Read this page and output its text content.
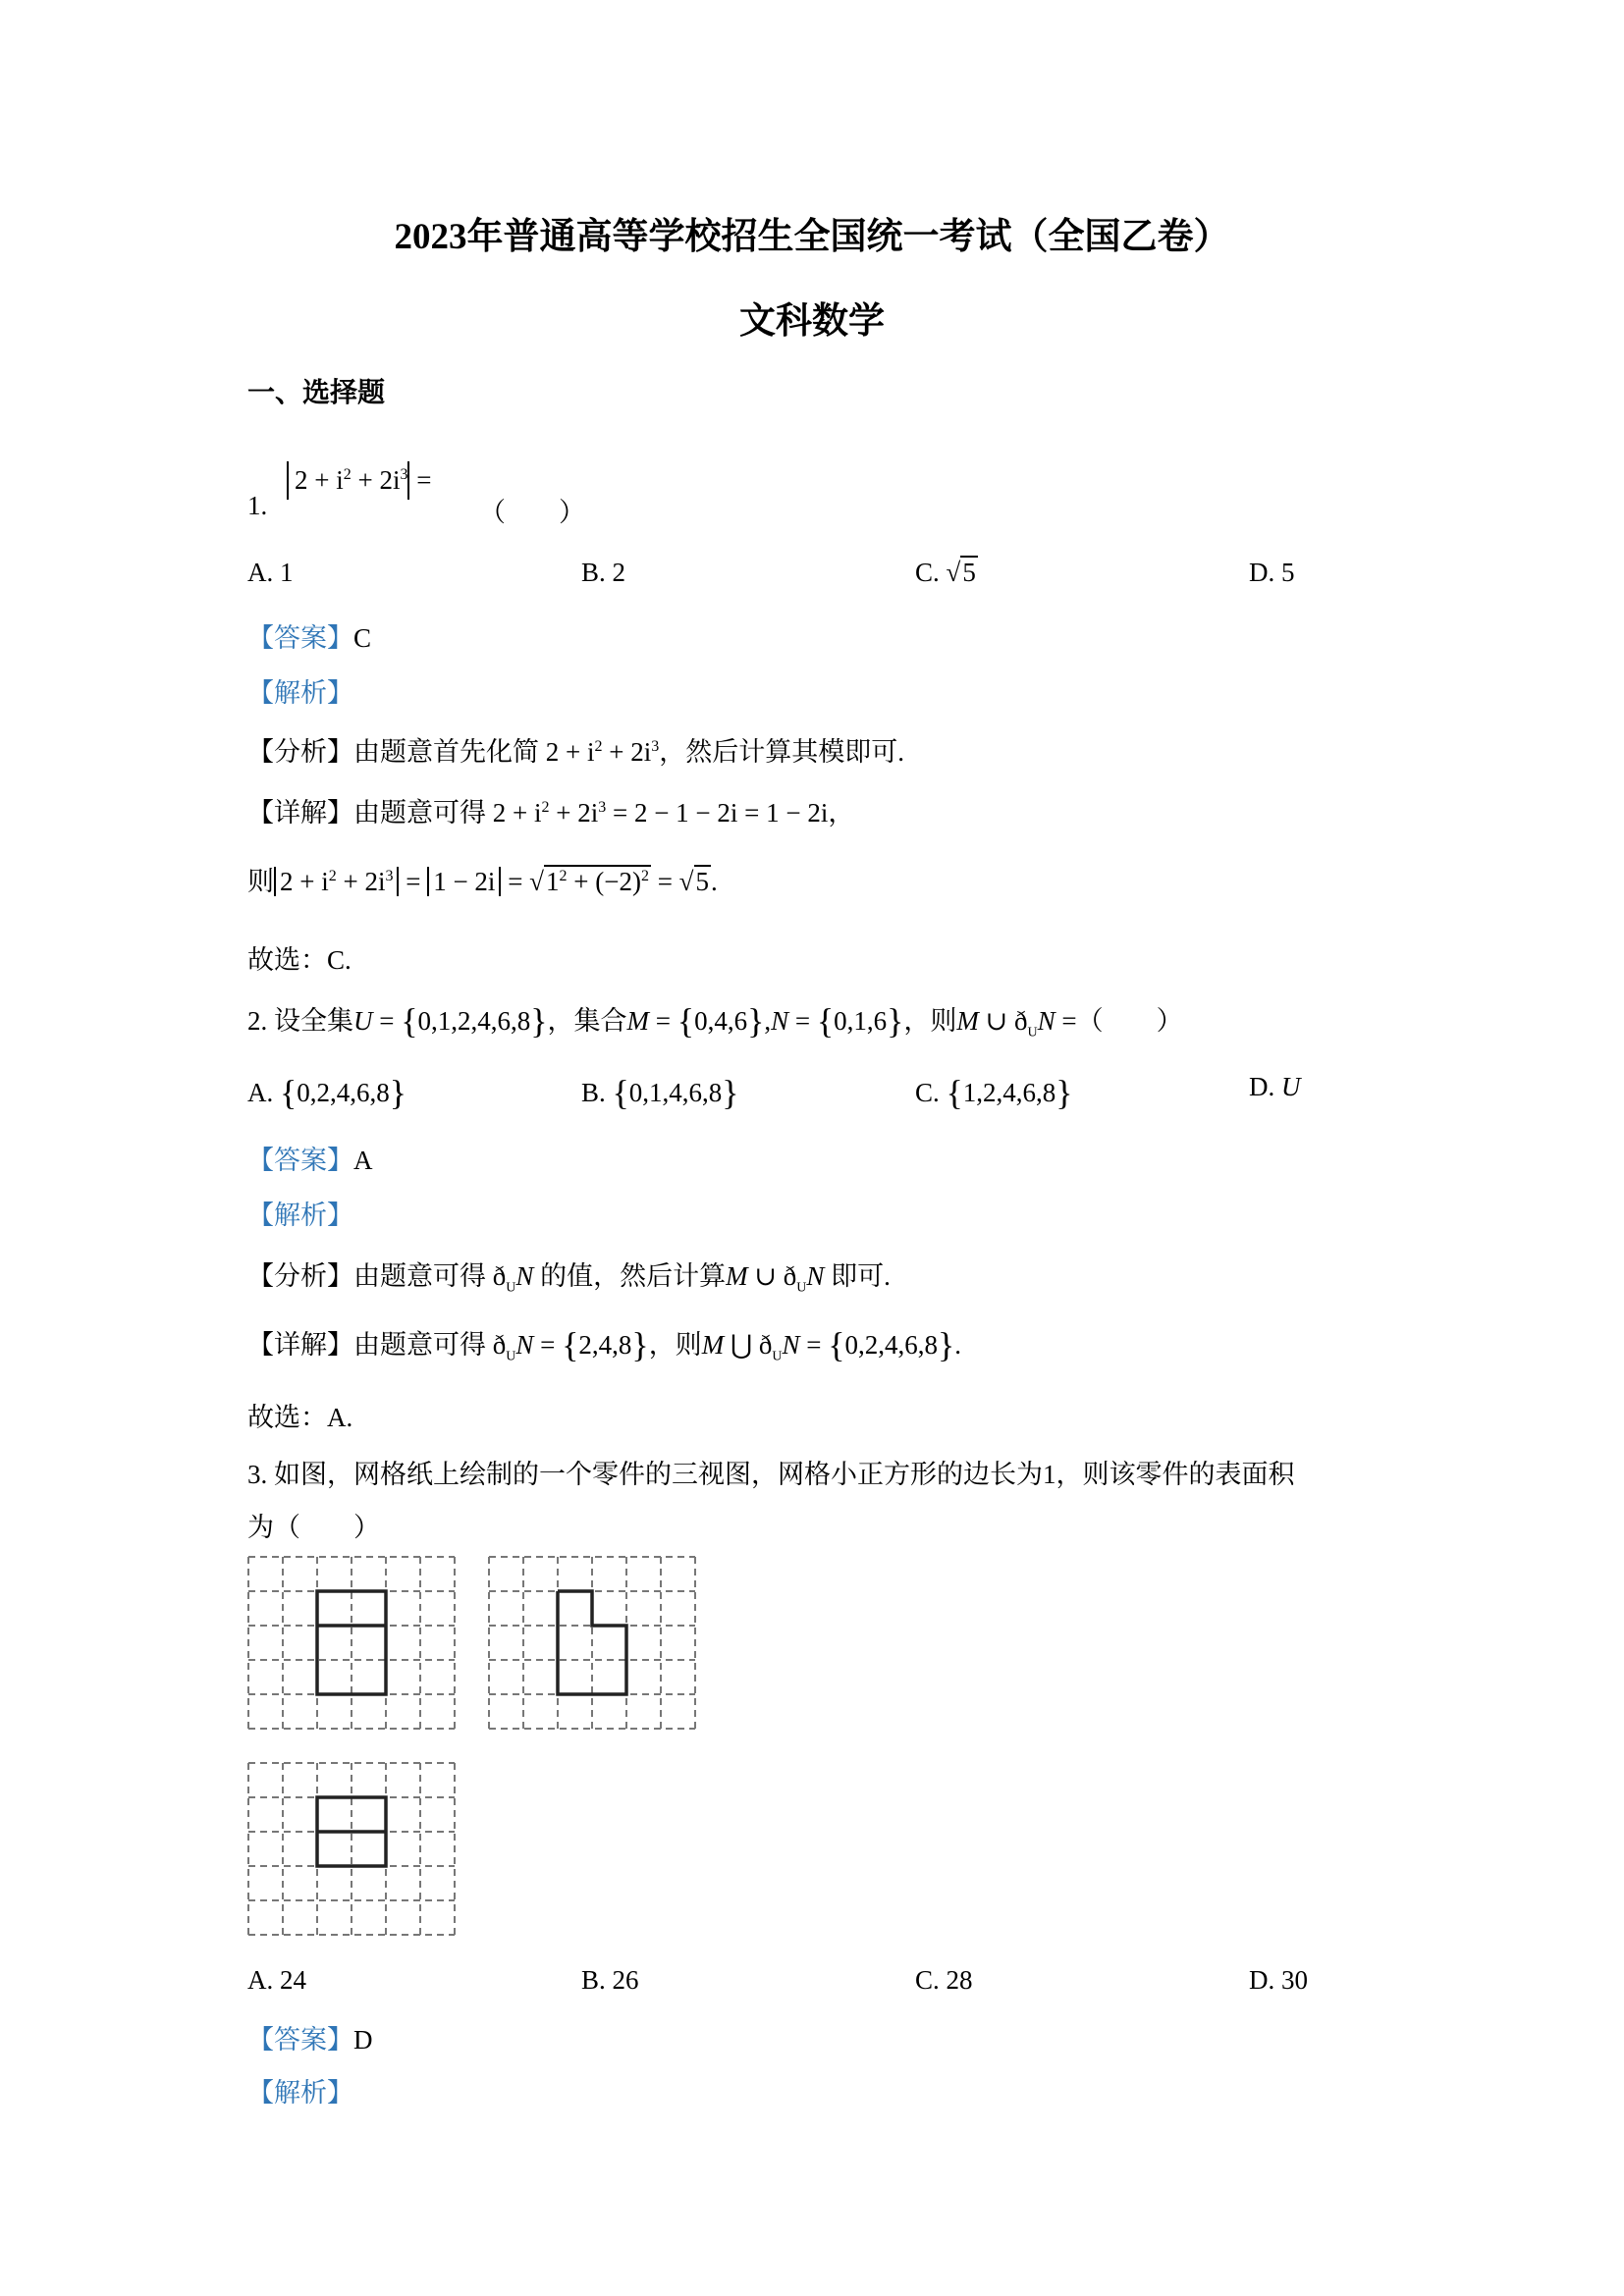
2023年普通高等学校招生全国统一考试（全国乙卷）
文科数学
一、选择题
1.
$2 + i^2 + 2i^3$ =
（　　）
A. 1	B. 2	C. √5	D. 5
【答案】C
【解析】
【分析】由题意首先化简 $2 + i^2 + 2i^3$，然后计算其模即可.
【详解】由题意可得 $2 + i^2 + 2i^3 = 2 - 1 - 2i = 1 - 2i$，
则 $2 + i^2 + 2i^3 = 1 - 2i = √1^2 + (-2)^2 = √5$.
故选：C.
2. 设全集U = {0,1,2,4,6,8}，集合M = {0,4,6},N = {0,1,6}，则M ∪ $ð_UN$ =（　　）
A. {0,2,4,6,8}	B. {0,1,4,6,8}	C. {1,2,4,6,8}	D. U
【答案】A
【解析】
【分析】由题意可得 $ð_UN$ 的值，然后计算M ∪ $ð_UN$ 即可.
【详解】由题意可得 $ð_UN = \{2,4,8\}$，则M ⋃ $ð_UN = \{0,2,4,6,8\}$.
故选：A.
3. 如图，网格纸上绘制的一个零件的三视图，网格小正方形的边长为1，则该零件的表面积
为（　　）
A. 24	B. 26	C. 28	D. 30
【答案】D
【解析】
